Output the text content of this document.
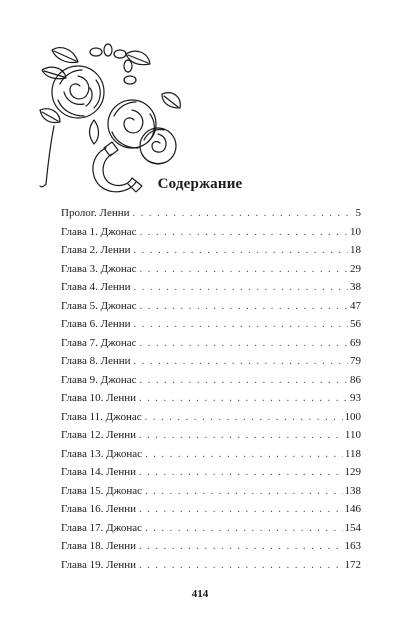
Содержание
Пролог. Ленни . . .	5
Глава 1. Джонас . . .	10
Глава 2. Ленни . . .	18
Глава 3. Джонас . . .	29
Глава 4. Ленни . . .	38
Глава 5. Джонас . . .	47
Глава 6. Ленни . . .	56
Глава 7. Джонас . . .	69
Глава 8. Ленни . . .	79
Глава 9. Джонас . . .	86
Глава 10. Ленни . . .	93
Глава 11. Джонас . . .	100
Глава 12. Ленни . . .	110
Глава 13. Джонас . . .	118
Глава 14. Ленни . . .	129
Глава 15. Джонас . . .	138
Глава 16. Ленни . . .	146
Глава 17. Джонас . . .	154
Глава 18. Ленни . . .	163
Глава 19. Ленни . . .	172
414
